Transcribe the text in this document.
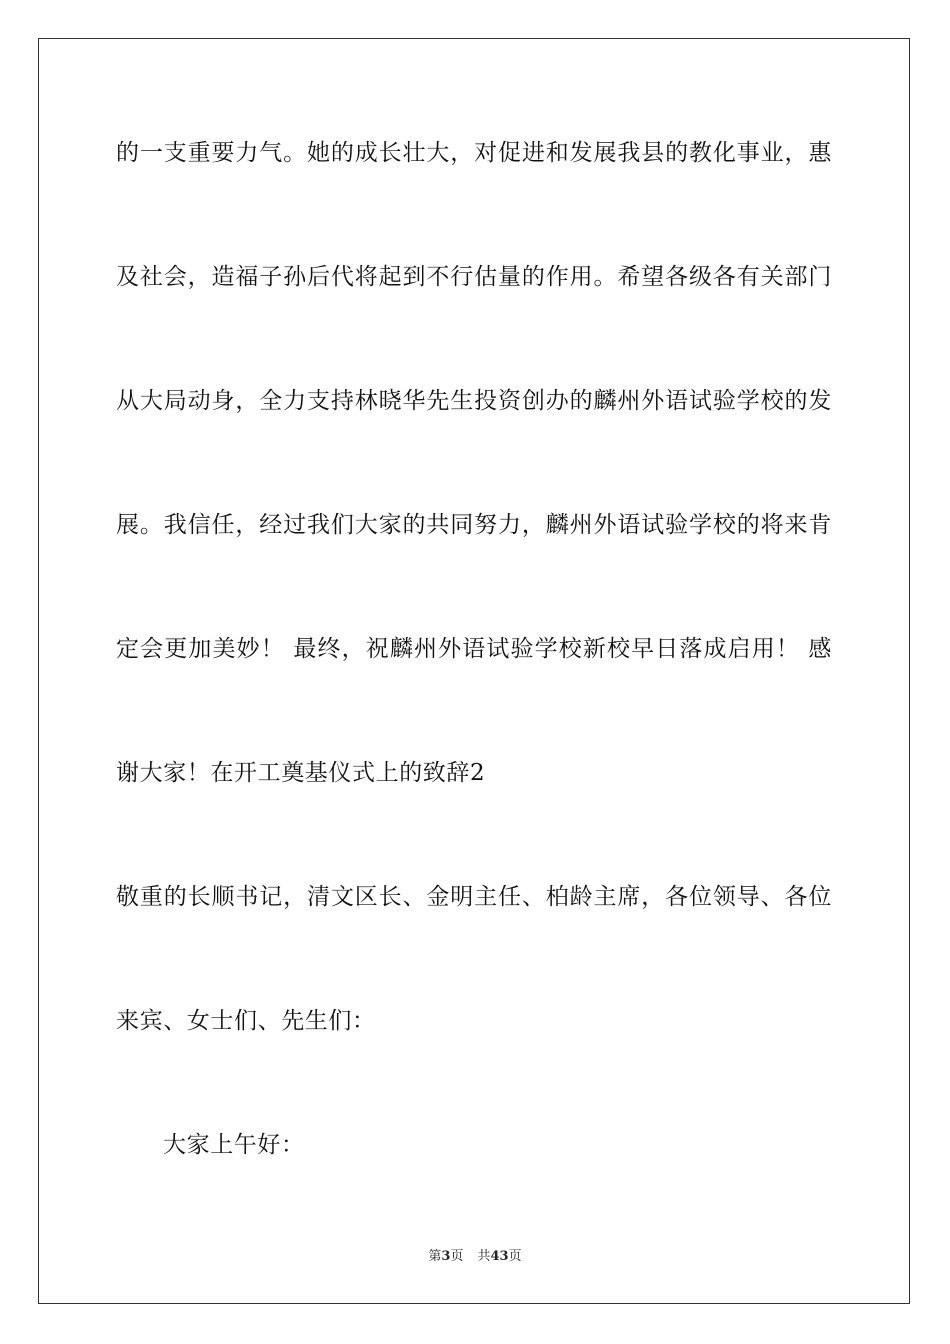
的一支重要力气。她的成长壮大，对促进和发展我县的教化事业，惠
及社会，造福子孙后代将起到不行估量的作用。希望各级各有关部门
从大局动身，全力支持林晓华先生投资创办的麟州外语试验学校的发
展。我信任，经过我们大家的共同努力，麟州外语试验学校的将来肯
定会更加美妙！ 最终，祝麟州外语试验学校新校早日落成启用！ 感
谢大家！在开工奠基仪式上的致辞2
敬重的长顺书记，清文区长、金明主任、柏龄主席，各位领导、各位
来宾、女士们、先生们：
大家上午好：
第3页 共43页
